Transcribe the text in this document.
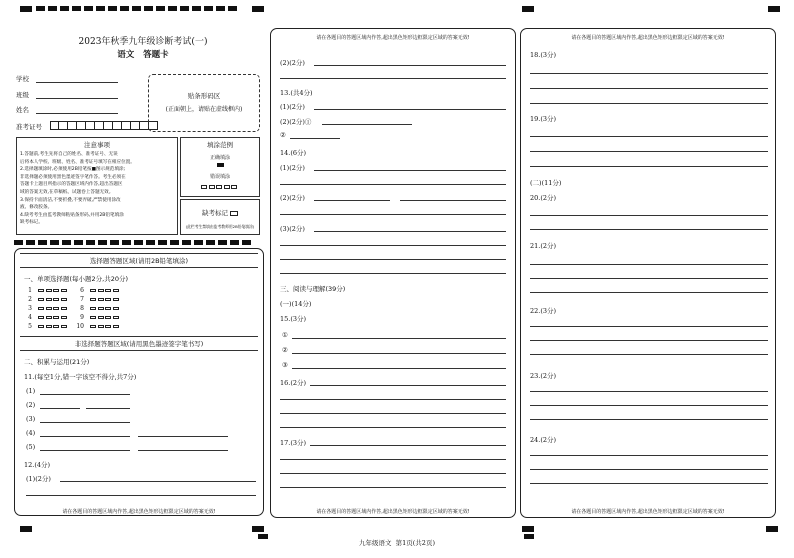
2023年秋季九年级诊断考试(一)
语文   答题卡
学校
班级
姓名
准考证号
贴条形码区
(正面朝上，请贴在虚线框内)
注意事项
1.答题前,考生先将自己的姓名、准考证号、无误
后将本人学校、班级、姓名、准考证号填写在相应位置。
2.选择题填涂时,必须使用2B铅笔按■图示规范填涂;
非选择题必须使用黑色墨迹签字笔作答。考生必须在
答题卡上题目所指示的答题区域内作答,超出答题区
域的答案无效,在草稿纸、试题卷上答题无效。
3.保持卡面清洁,不要折叠,不要弄破,严禁使用涂改
液、修改胶条。
4.缺考考生由监考教师粘贴条形码,并用2B铅笔填涂
缺考标记。
填涂范例
正确填涂
错误填涂
缺考标记
(此栏考生禁填由监考教师用2B铅笔填涂)
选择题答题区域(请用2B铅笔填涂)
一、单项选择题(每小题2分,共20分)
1	6
2	7
3	8
4	9
5	10
非选择题答题区域(请用黑色墨迹签字笔书写)
二、积累与运用(21分)
11.(每空1分,错一字该空不得分,共7分)
(1)
(2)
(3)
(4)
(5)
12.(4分)
(1)(2分)
请在各题目的答题区域内作答,超出黑色矩形边框限定区域的答案无效!
请在各题目的答题区域内作答,超出黑色矩形边框限定区域的答案无效!
(2)(2分)
13.(共4分)
(1)(2分)
(2)(2分)①
②
14.(6分)
(1)(2分)
(2)(2分)
(3)(2分)
三、阅读与理解(39分)
(一)(14分)
15.(3分)
①
②
③
16.(2分)
17.(3分)
请在各题目的答题区域内作答,超出黑色矩形边框限定区域的答案无效!
请在各题目的答题区域内作答,超出黑色矩形边框限定区域的答案无效!
18.(3分)
19.(3分)
(二)(11分)
20.(2分)
21.(2分)
22.(3分)
23.(2分)
24.(2分)
请在各题目的答题区域内作答,超出黑色矩形边框限定区域的答案无效!
九年级语文  第1页(共2页)
